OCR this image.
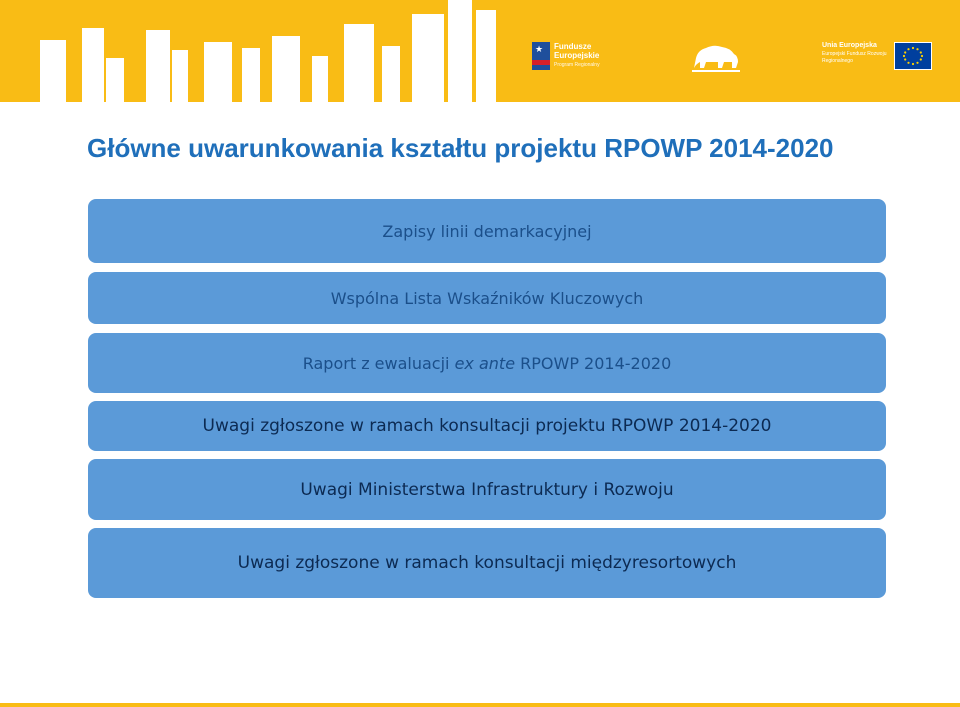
★ Fundusze
Europejskie
Program Regionalny
Unia Europejska
Europejski Fundusz Rozwoju Regionalnego
Główne uwarunkowania kształtu projektu RPOWP 2014-2020
Zapisy linii demarkacyjnej
Wspólna Lista Wskaźników Kluczowych
Raport z ewaluacji ex ante RPOWP 2014-2020
Uwagi zgłoszone w ramach konsultacji projektu RPOWP 2014-2020
Uwagi Ministerstwa Infrastruktury i Rozwoju
Uwagi zgłoszone w ramach konsultacji międzyresortowych
